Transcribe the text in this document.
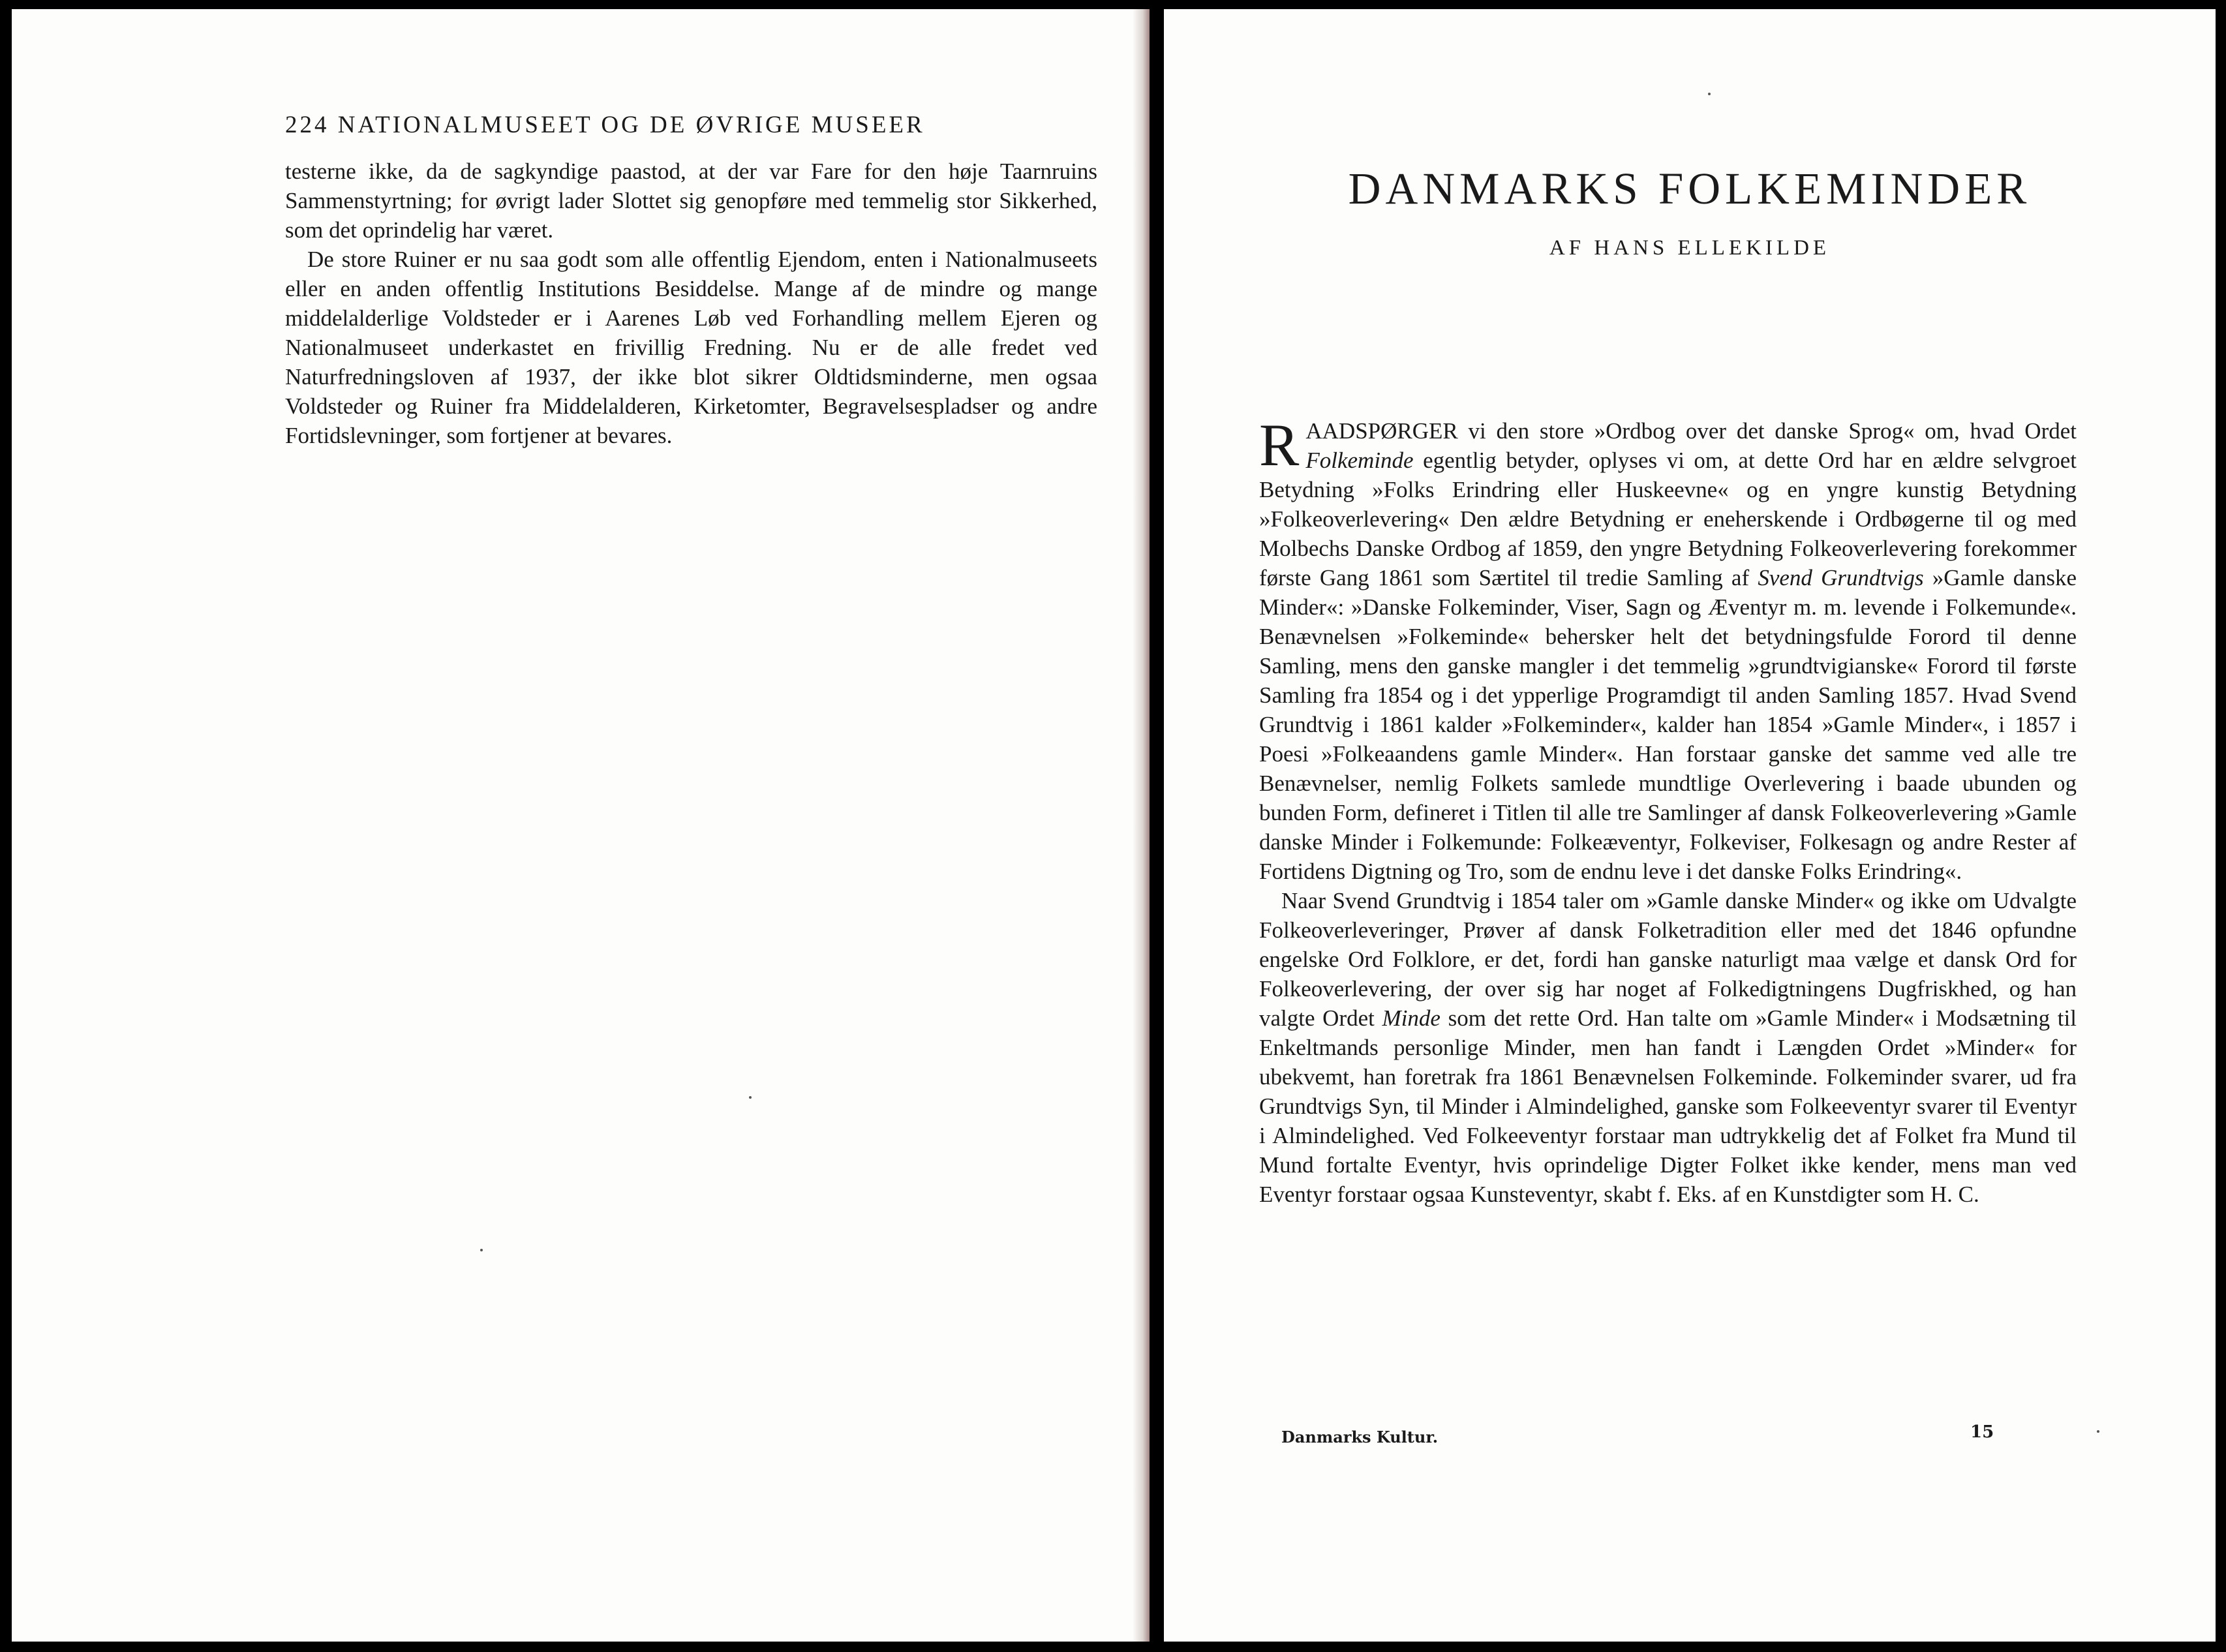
224 NATIONALMUSEET OG DE ØVRIGE MUSEER

testerne ikke, da de sagkyndige paastod, at der var Fare for den høje Taarnruins Sammenstyrtning; for øvrigt lader Slottet sig genopføre med temmelig stor Sikkerhed, som det oprindelig har været.

De store Ruiner er nu saa godt som alle offentlig Ejendom, enten i Nationalmuseets eller en anden offentlig Institutions Besiddelse. Mange af de mindre og mange middelalderlige Voldsteder er i Aarenes Løb ved Forhandling mellem Ejeren og Nationalmuseet underkastet en frivillig Fredning. Nu er de alle fredet ved Naturfredningsloven af 1937, der ikke blot sikrer Oldtidsminderne, men ogsaa Voldsteder og Ruiner fra Middelalderen, Kirketomter, Begravelsespladser og andre Fortidslevninger, som fortjener at bevares.

DANMARKS FOLKEMINDER
AF HANS ELLEKILDE

RAADSPØRGER vi den store »Ordbog over det danske Sprog« om, hvad Ordet Folkeminde egentlig betyder, oplyses vi om, at dette Ord har en ældre selvgroet Betydning »Folks Erindring eller Huskeevne« og en yngre kunstig Betydning »Folkeoverlevering« Den ældre Betydning er eneherskende i Ordbøgerne til og med Molbechs Danske Ordbog af 1859, den yngre Betydning Folkeoverlevering forekommer første Gang 1861 som Særtitel til tredie Samling af Svend Grundtvigs »Gamle danske Minder«: »Danske Folkeminder, Viser, Sagn og Æventyr m. m. levende i Folkemunde«. Benævnelsen »Folkeminde« behersker helt det betydningsfulde Forord til denne Samling, mens den ganske mangler i det temmelig »grundtvigianske« Forord til første Samling fra 1854 og i det ypperlige Programdigt til anden Samling 1857. Hvad Svend Grundtvig i 1861 kalder »Folkeminder«, kalder han 1854 »Gamle Minder«, i 1857 i Poesi »Folkeaandens gamle Minder«. Han forstaar ganske det samme ved alle tre Benævnelser, nemlig Folkets samlede mundtlige Overlevering i baade ubunden og bunden Form, defineret i Titlen til alle tre Samlinger af dansk Folkeoverlevering »Gamle danske Minder i Folkemunde: Folkeæventyr, Folkeviser, Folkesagn og andre Rester af Fortidens Digtning og Tro, som de endnu leve i det danske Folks Erindring«.

Naar Svend Grundtvig i 1854 taler om »Gamle danske Minder« og ikke om Udvalgte Folkeoverleveringer, Prøver af dansk Folketradition eller med det 1846 opfundne engelske Ord Folklore, er det, fordi han ganske naturligt maa vælge et dansk Ord for Folkeoverlevering, der over sig har noget af Folkedigtningens Dugfriskhed, og han valgte Ordet Minde som det rette Ord. Han talte om »Gamle Minder« i Modsætning til Enkeltmands personlige Minder, men han fandt i Længden Ordet »Minder« for ubekvemt, han foretrak fra 1861 Benævnelsen Folkeminde. Folkeminder svarer, ud fra Grundtvigs Syn, til Minder i Almindelighed, ganske som Folkeeventyr svarer til Eventyr i Almindelighed. Ved Folkeeventyr forstaar man udtrykkelig det af Folket fra Mund til Mund fortalte Eventyr, hvis oprindelige Digter Folket ikke kender, mens man ved Eventyr forstaar ogsaa Kunsteventyr, skabt f. Eks. af en Kunstdigter som H. C.

Danmarks Kultur.	15
